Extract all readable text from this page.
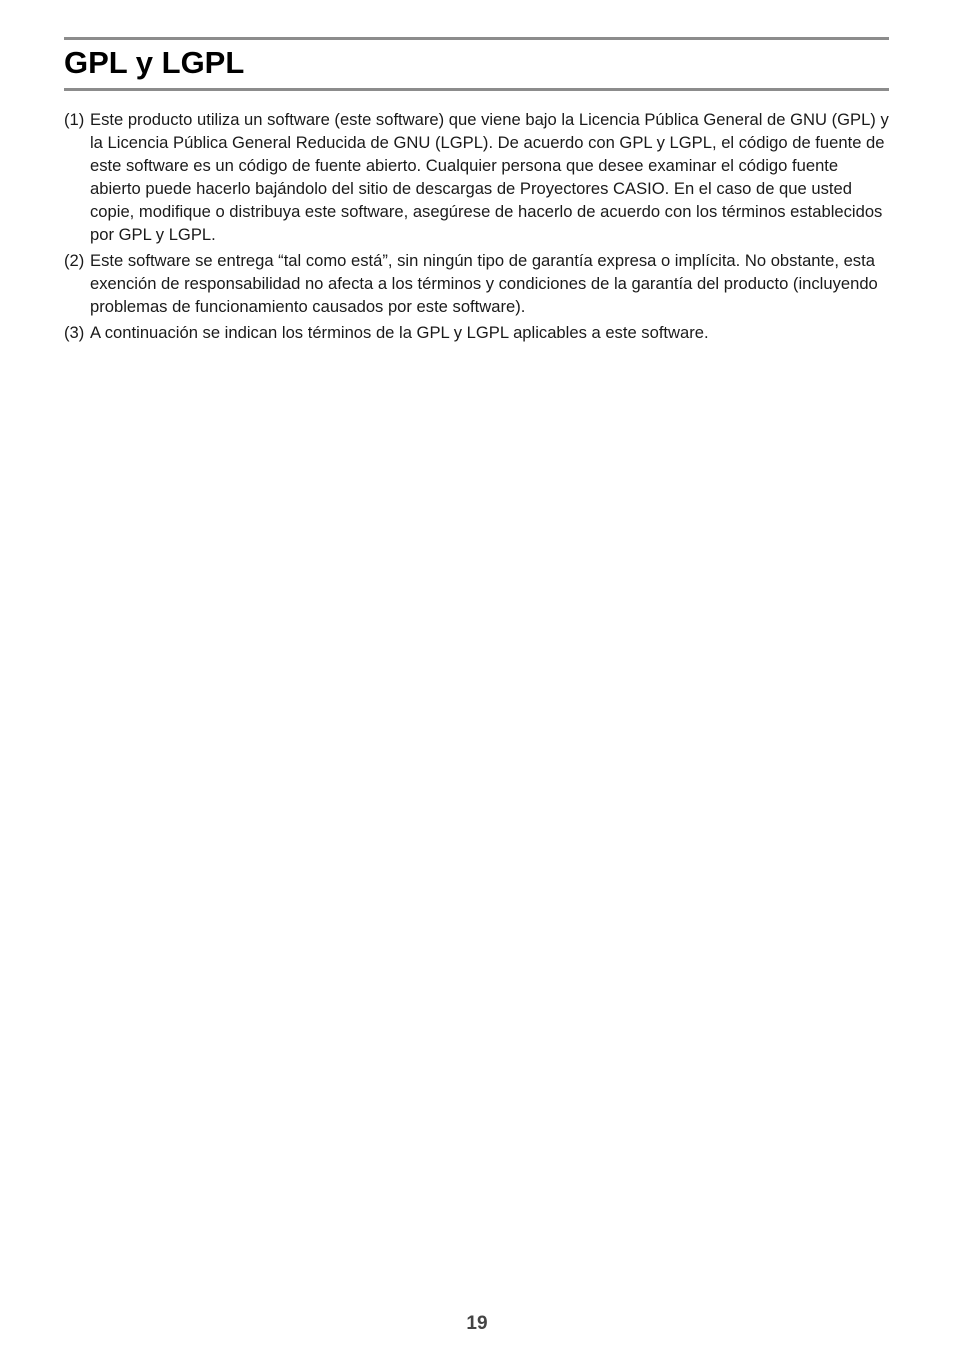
GPL y LGPL
(1) Este producto utiliza un software (este software) que viene bajo la Licencia Pública General de GNU (GPL) y la Licencia Pública General Reducida de GNU (LGPL). De acuerdo con GPL y LGPL, el código de fuente de este software es un código de fuente abierto. Cualquier persona que desee examinar el código fuente abierto puede hacerlo bajándolo del sitio de descargas de Proyectores CASIO. En el caso de que usted copie, modifique o distribuya este software, asegúrese de hacerlo de acuerdo con los términos establecidos por GPL y LGPL.
(2) Este software se entrega “tal como está”, sin ningún tipo de garantía expresa o implícita. No obstante, esta exención de responsabilidad no afecta a los términos y condiciones de la garantía del producto (incluyendo problemas de funcionamiento causados por este software).
(3) A continuación se indican los términos de la GPL y LGPL aplicables a este software.
19
